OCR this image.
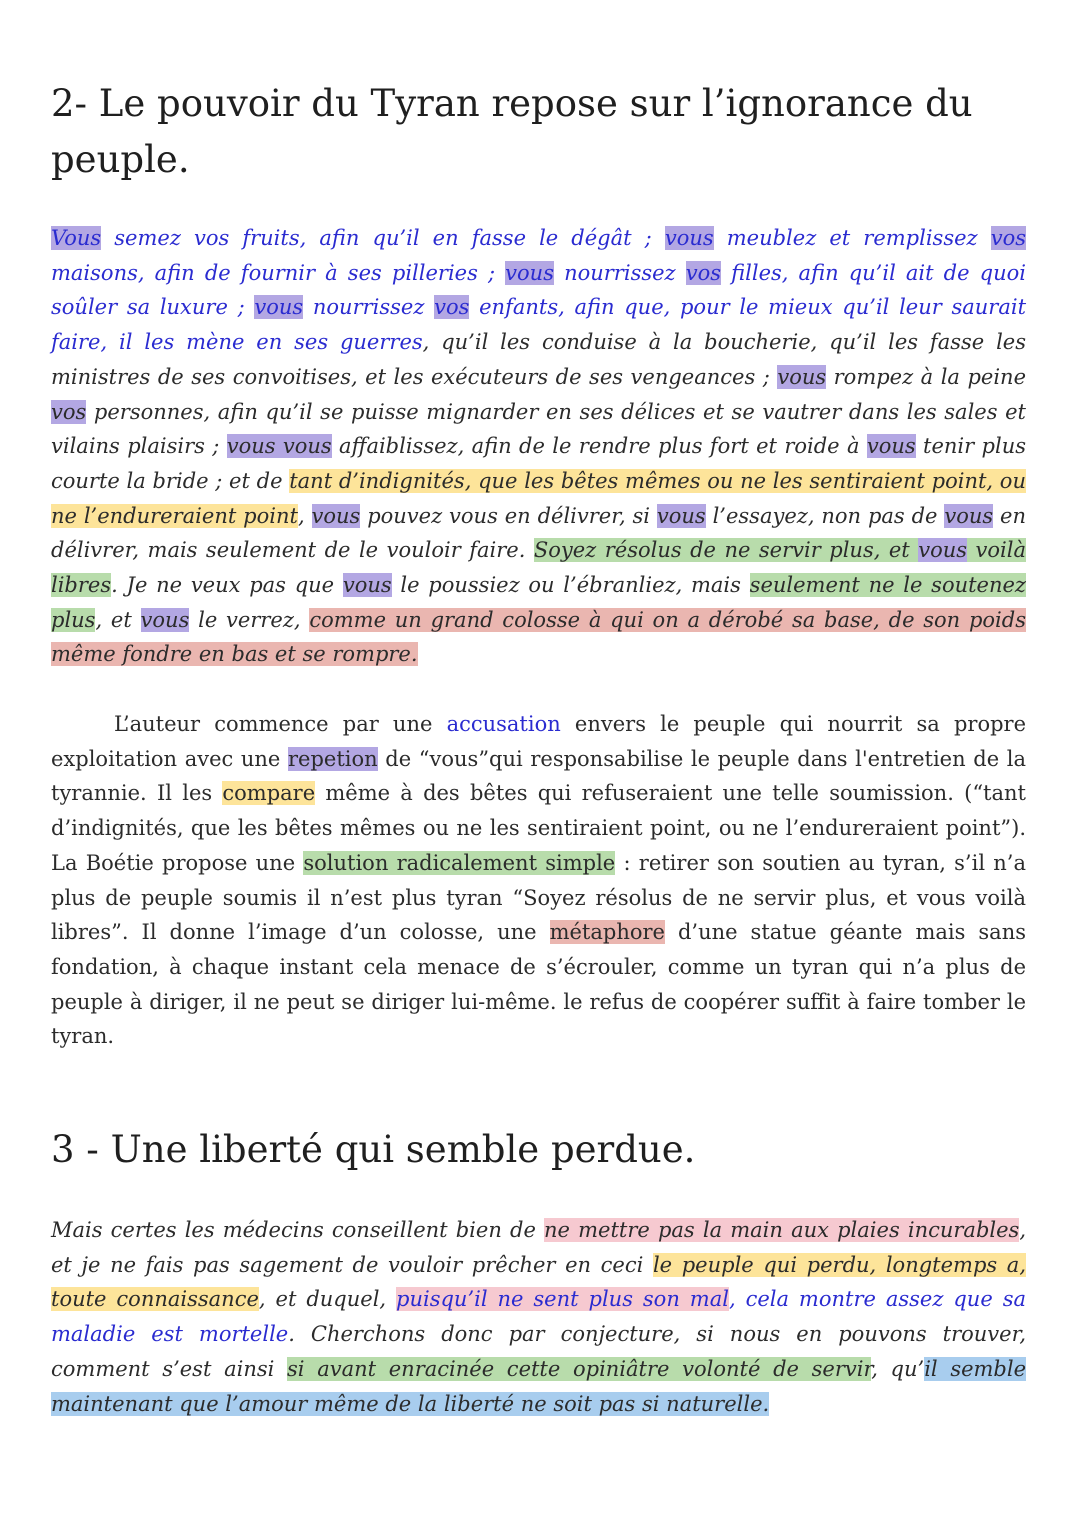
2- Le pouvoir du Tyran repose sur l’ignorance du peuple.

Vous semez vos fruits, afin qu’il en fasse le dégât ; vous meublez et remplissez vos maisons, afin de fournir à ses pilleries ; vous nourrissez vos filles, afin qu’il ait de quoi soûler sa luxure ; vous nourrissez vos enfants, afin que, pour le mieux qu’il leur saurait faire, il les mène en ses guerres, qu’il les conduise à la boucherie, qu’il les fasse les ministres de ses convoitises, et les exécuteurs de ses vengeances ; vous rompez à la peine vos personnes, afin qu’il se puisse mignarder en ses délices et se vautrer dans les sales et vilains plaisirs ; vous vous affaiblissez, afin de le rendre plus fort et roide à vous tenir plus courte la bride ; et de tant d’indignités, que les bêtes mêmes ou ne les sentiraient point, ou ne l’endureraient point, vous pouvez vous en délivrer, si vous l’essayez, non pas de vous en délivrer, mais seulement de le vouloir faire. Soyez résolus de ne servir plus, et vous voilà libres. Je ne veux pas que vous le poussiez ou l’ébranliez, mais seulement ne le soutenez plus, et vous le verrez, comme un grand colosse à qui on a dérobé sa base, de son poids même fondre en bas et se rompre.

L’auteur commence par une accusation envers le peuple qui nourrit sa propre exploitation avec une repetion de “vous”qui responsabilise le peuple dans l'entretien de la tyrannie. Il les compare même à des bêtes qui refuseraient une telle soumission. (“tant d’indignités, que les bêtes mêmes ou ne les sentiraient point, ou ne l’endureraient point”). La Boétie propose une solution radicalement simple : retirer son soutien au tyran, s’il n’a plus de peuple soumis il n’est plus tyran “Soyez résolus de ne servir plus, et vous voilà libres”. Il donne l’image d’un colosse, une métaphore d’une statue géante mais sans fondation, à chaque instant cela menace de s’écrouler, comme un tyran qui n’a plus de peuple à diriger, il ne peut se diriger lui-même. le refus de coopérer suffit à faire tomber le tyran.

3 - Une liberté qui semble perdue.

Mais certes les médecins conseillent bien de ne mettre pas la main aux plaies incurables, et je ne fais pas sagement de vouloir prêcher en ceci le peuple qui perdu, longtemps a, toute connaissance, et duquel, puisqu’il ne sent plus son mal, cela montre assez que sa maladie est mortelle. Cherchons donc par conjecture, si nous en pouvons trouver, comment s’est ainsi si avant enracinée cette opiniâtre volonté de servir, qu’il semble maintenant que l’amour même de la liberté ne soit pas si naturelle.
